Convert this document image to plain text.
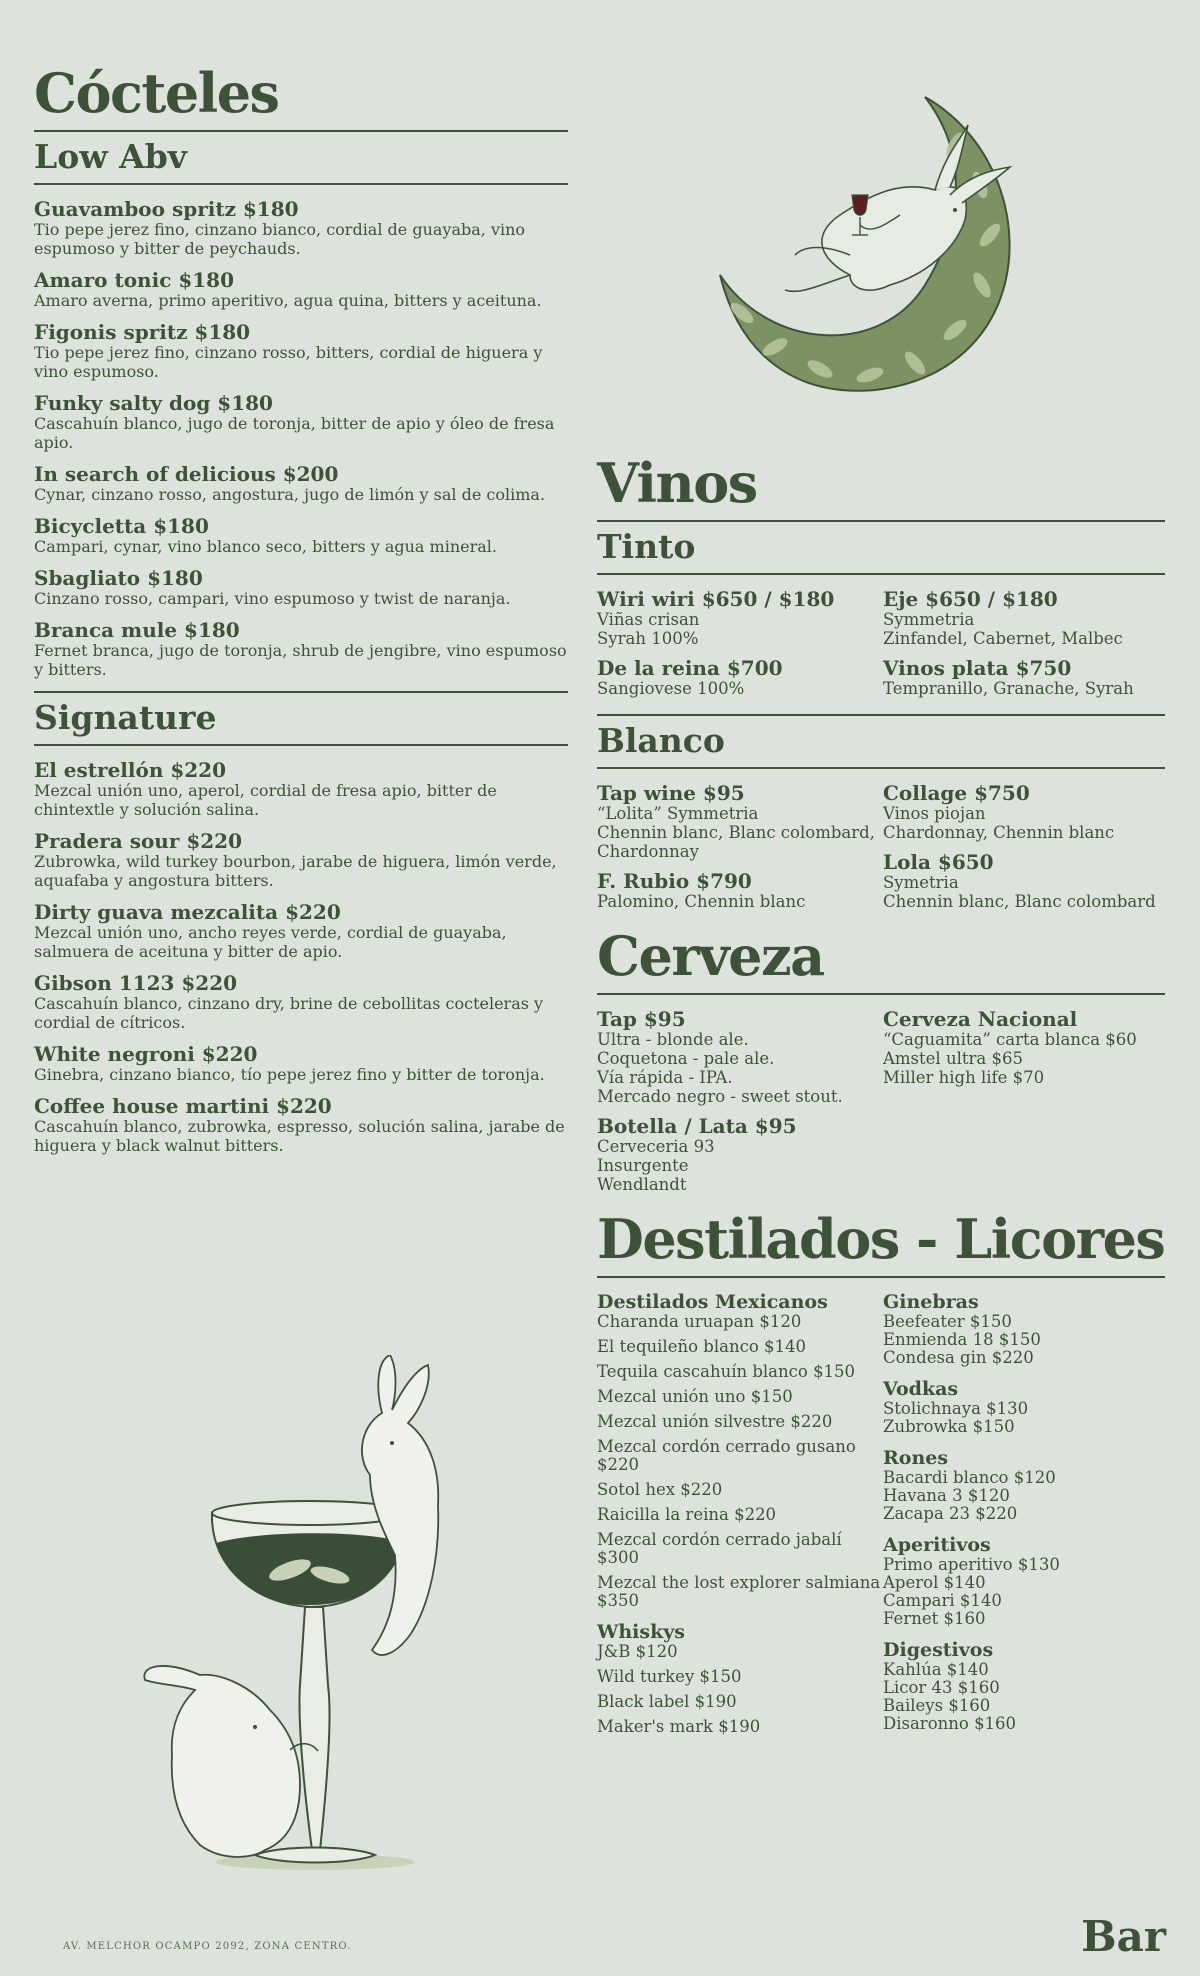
Cócteles
Low Abv
Guavamboo spritz $180
Tio pepe jerez fino, cinzano bianco, cordial de guayaba, vino espumoso y bitter de peychauds.
Amaro tonic $180
Amaro averna, primo aperitivo, agua quina, bitters y aceituna.
Figonis spritz $180
Tio pepe jerez fino, cinzano rosso, bitters, cordial de higuera y vino espumoso.
Funky salty dog $180
Cascahuín blanco, jugo de toronja, bitter de apio y óleo de fresa apio.
In search of delicious $200
Cynar, cinzano rosso, angostura, jugo de limón y sal de colima.
Bicycletta $180
Campari, cynar, vino blanco seco, bitters y agua mineral.
Sbagliato $180
Cinzano rosso, campari, vino espumoso y twist de naranja.
Branca mule $180
Fernet branca, jugo de toronja, shrub de jengibre, vino espumoso y bitters.
Signature
El estrellón $220
Mezcal unión uno, aperol, cordial de fresa apio, bitter de chintextle y solución salina.
Pradera sour $220
Zubrowka, wild turkey bourbon, jarabe de higuera, limón verde, aquafaba y angostura bitters.
Dirty guava mezcalita $220
Mezcal unión uno, ancho reyes verde, cordial de guayaba, salmuera de aceituna y bitter de apio.
Gibson 1123 $220
Cascahuín blanco, cinzano dry, brine de cebollitas cocteleras y cordial de cítricos.
White negroni $220
Ginebra, cinzano bianco, tío pepe jerez fino y bitter de toronja.
Coffee house martini $220
Cascahuín blanco, zubrowka, espresso, solución salina, jarabe de higuera y black walnut bitters.
Vinos
Tinto
Wiri wiri $650 / $180
Viñas crisan
Syrah 100%
De la reina $700
Sangiovese 100%
Eje $650 / $180
Symmetria
Zinfandel, Cabernet, Malbec
Vinos plata $750
Tempranillo, Granache, Syrah
Blanco
Tap wine $95
“Lolita” Symmetria
Chennin blanc, Blanc colombard, Chardonnay
F. Rubio $790
Palomino, Chennin blanc
Collage $750
Vinos piojan
Chardonnay, Chennin blanc
Lola $650
Symetria
Chennin blanc, Blanc colombard
Cerveza
Tap $95
Ultra - blonde ale.
Coquetona - pale ale.
Vía rápida - IPA.
Mercado negro - sweet stout.
Botella / Lata $95
Cerveceria 93
Insurgente
Wendlandt
Cerveza Nacional
“Caguamita” carta blanca $60
Amstel ultra $65
Miller high life $70
Destilados - Licores
Destilados Mexicanos
Charanda uruapan $120
El tequileño blanco $140
Tequila cascahuín blanco $150
Mezcal unión uno $150
Mezcal unión silvestre $220
Mezcal cordón cerrado gusano $220
Sotol hex $220
Raicilla la reina $220
Mezcal cordón cerrado jabalí $300
Mezcal the lost explorer salmiana $350
Whiskys
J&B $120
Wild turkey $150
Black label $190
Maker's mark $190
Ginebras
Beefeater $150
Enmienda 18 $150
Condesa gin $220
Vodkas
Stolichnaya $130
Zubrowka $150
Rones
Bacardi blanco $120
Havana 3 $120
Zacapa 23 $220
Aperitivos
Primo aperitivo $130
Aperol $140
Campari $140
Fernet $160
Digestivos
Kahlúa $140
Licor 43 $160
Baileys $160
Disaronno $160
AV. MELCHOR OCAMPO 2092, ZONA CENTRO.	Bar
